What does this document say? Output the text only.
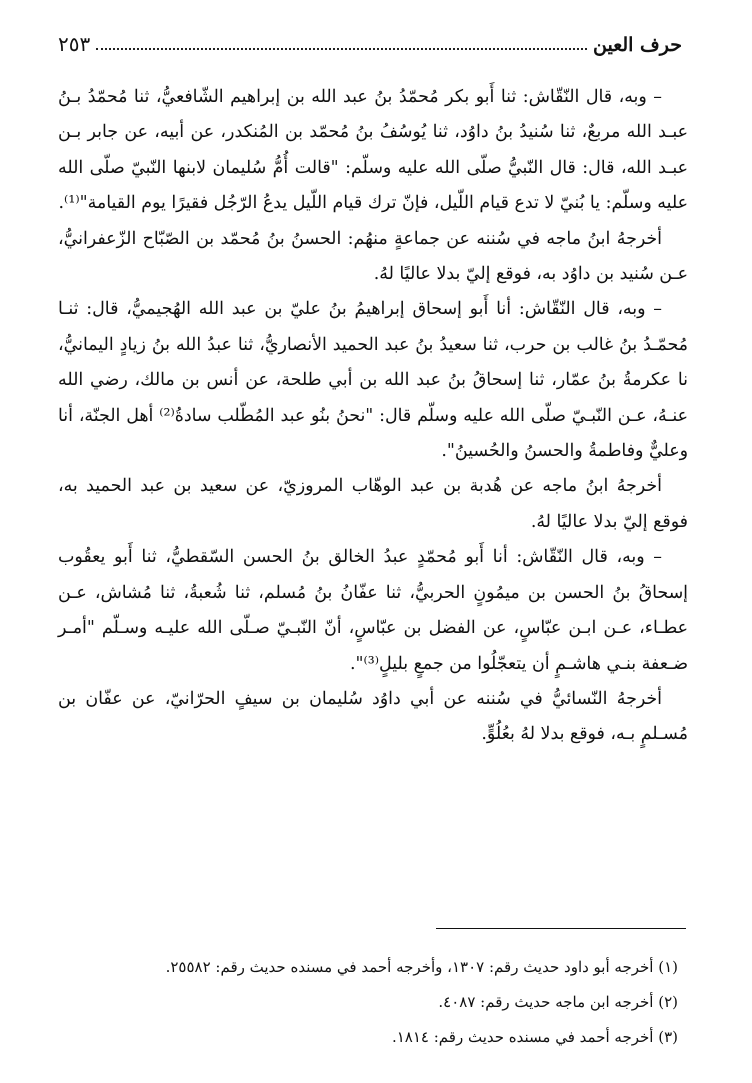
حرف العين
٢٥٣

– وبه، قال النّقّاش: ثنا أَبو بكر مُحمّدُ بنُ عبد الله بن إبراهيم الشّافعيُّ، ثنا مُحمّدُ بـنُ عبـد الله مربعٌ، ثنا سُنيدُ بنُ داوُد، ثنا يُوسُفُ بنُ مُحمّد بن المُنكدر، عن أبيه، عن جابر بـن عبـد الله، قال: قال النّبيُّ صلّى الله عليه وسلّم: "قالت أُمُّ سُليمان لابنها النّبيّ صلّى الله عليه وسلّم: يا بُنيّ لا تدع قيام اللّيل، فإنّ ترك قيام اللّيل يدعُ الرّجُل فقيرًا يوم القيامة"⁽¹⁾.

أخرجهُ ابنُ ماجه في سُننه عن جماعةٍ منهُم: الحسنُ بنُ مُحمّد بن الصّبّاح الزّعفرانيُّ، عـن سُنيد بن داوُد به، فوقع إليّ بدلا عاليًا لهُ.

– وبه، قال النّقّاش: أنا أَبو إسحاق إبراهيمُ بنُ عليّ بن عبد الله الهُجيميُّ، قال: ثنـا مُحمّـدُ بنُ غالب بن حرب، ثنا سعيدُ بنُ عبد الحميد الأنصاريُّ، ثنا عبدُ الله بنُ زيادٍ اليمانيُّ، نا عكرمةُ بنُ عمّار، ثنا إسحاقُ بنُ عبد الله بن أبي طلحة، عن أنس بن مالك، رضي الله عنـهُ، عـن النّبـيّ صلّى الله عليه وسلّم قال: "نحنُ بنُو عبد المُطّلب سادةُ⁽²⁾ أهل الجنّة، أنا وعليٌّ وفاطمةُ والحسنُ والحُسينُ".

أخرجهُ ابنُ ماجه عن هُدبة بن عبد الوهّاب المروزيّ، عن سعيد بن عبد الحميد به، فوقع إليّ بدلا عاليًا لهُ.

– وبه، قال النّقّاش: أنا أَبو مُحمّدٍ عبدُ الخالق بنُ الحسن السّقطيُّ، ثنا أَبو يعقُوب إسحاقُ بنُ الحسن بن ميمُونٍ الحربيُّ، ثنا عفّانُ بنُ مُسلم، ثنا شُعبةُ، ثنا مُشاش، عـن عطـاء، عـن ابـن عبّاسٍ، عن الفضل بن عبّاسٍ، أنّ النّبـيّ صـلّى الله عليـه وسـلّم "أمـر ضـعفة بنـي هاشـمٍ أن يتعجّلُوا من جمعٍ بليلٍ⁽³⁾".

أخرجهُ النّسائيُّ في سُننه عن أبي داوُد سُليمان بن سيفٍ الحرّانيّ، عن عفّان بن مُسـلمٍ بـه، فوقع بدلا لهُ بعُلُوٍّ.

(١) أخرجه أبو داود حديث رقم: ١٣٠٧، وأخرجه أحمد في مسنده حديث رقم: ٢٥٥٨٢.

(٢) أخرجه ابن ماجه حديث رقم: ٤٠٨٧.

(٣) أخرجه أحمد في مسنده حديث رقم: ١٨١٤.
